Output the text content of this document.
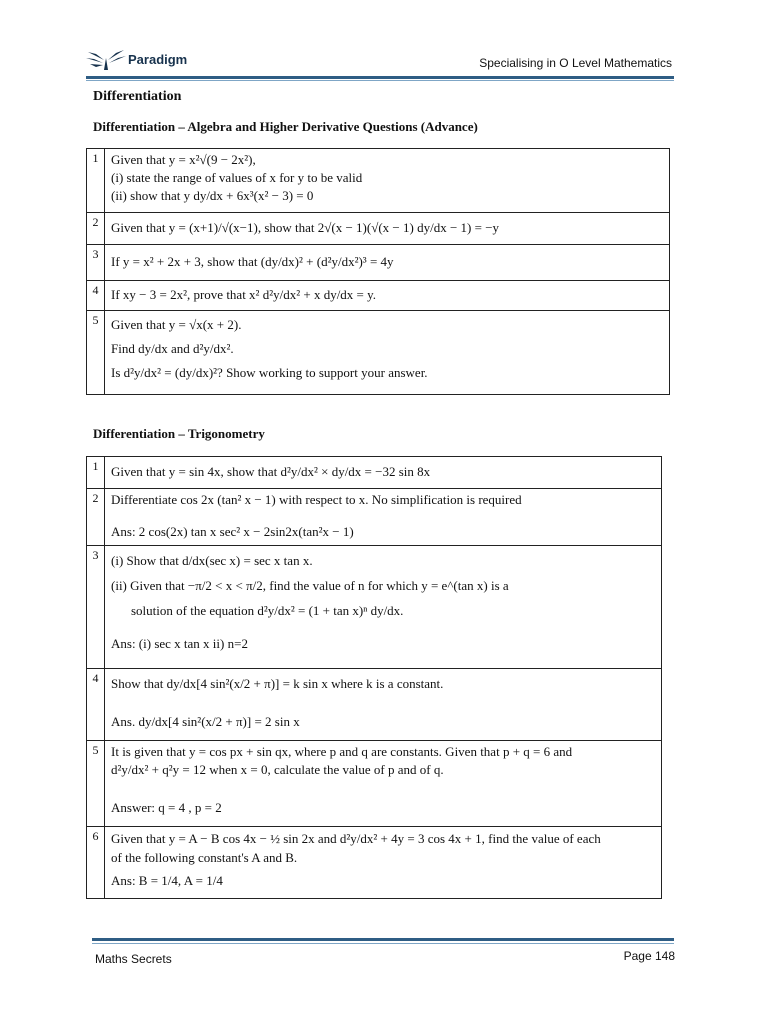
Paradigm	Specialising in O Level Mathematics
Differentiation
Differentiation – Algebra and Higher Derivative Questions (Advance)
1	Given that y = x²√(9 − 2x²),
(i) state the range of values of x for y to be valid
(ii) show that y dy/dx + 6x³(x² − 3) = 0

2	Given that y = (x+1)/√(x−1), show that 2√(x − 1)(√(x − 1) dy/dx − 1) = −y

3	If y = x² + 2x + 3, show that (dy/dx)² + (d²y/dx²)³ = 4y

4	If xy − 3 = 2x², prove that x² d²y/dx² + x dy/dx = y.

5	Given that y = √x(x + 2).
Find dy/dx and d²y/dx².
Is d²y/dx² = (dy/dx)²? Show working to support your answer.
Differentiation – Trigonometry
1	Given that y = sin 4x, show that d²y/dx² × dy/dx = −32 sin 8x

2	Differentiate cos 2x (tan² x − 1) with respect to x. No simplification is required
Ans: 2 cos(2x) tan x sec² x − 2sin2x(tan²x − 1)

3	(i) Show that d/dx(sec x) = sec x tan x.
(ii) Given that −π/2 < x < π/2, find the value of n for which y = e^(tan x) is a
solution of the equation d²y/dx² = (1 + tan x)ⁿ dy/dx.
Ans: (i) sec x tan x ii) n=2

4	Show that dy/dx[4 sin²(x/2 + π)] = k sin x where k is a constant.
Ans. dy/dx[4 sin²(x/2 + π)] = 2 sin x

5	It is given that y = cos px + sin qx, where p and q are constants. Given that p + q = 6 and
d²y/dx² + q²y = 12 when x = 0, calculate the value of p and of q.
Answer: q = 4 , p = 2

6	Given that y = A − B cos 4x − ½ sin 2x and d²y/dx² + 4y = 3 cos 4x + 1, find the value of each
of the following constant's A and B.
Ans: B = 1/4, A = 1/4
Maths Secrets	Page 148
